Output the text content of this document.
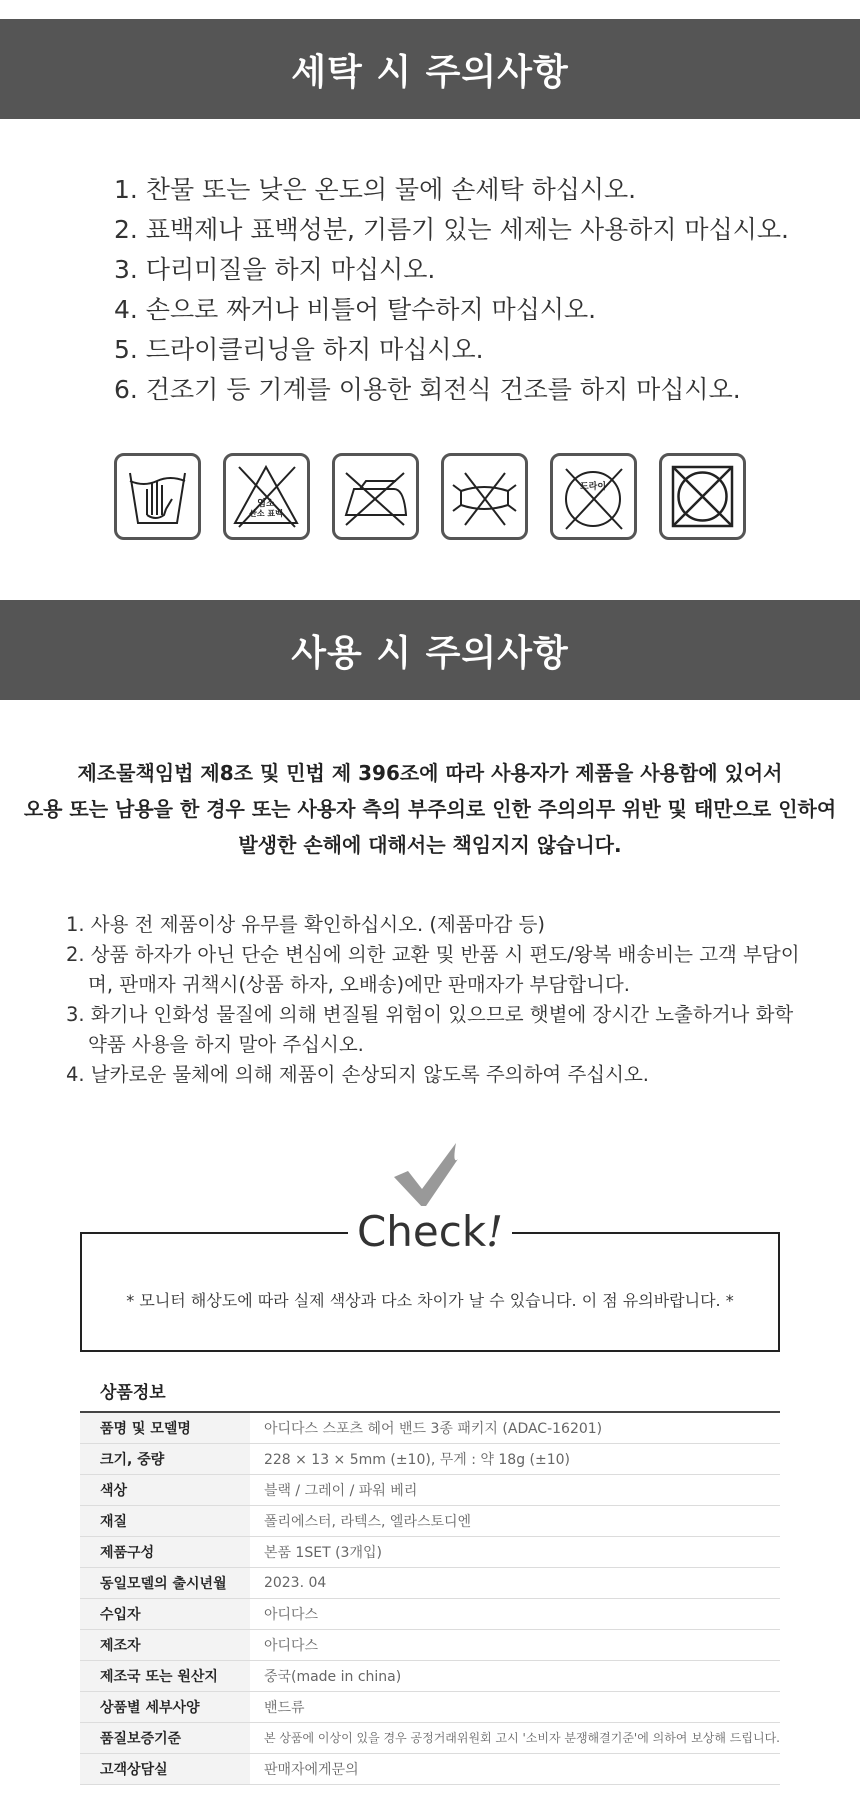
세탁 시 주의사항
1. 찬물 또는 낮은 온도의 물에 손세탁 하십시오.
2. 표백제나 표백성분, 기름기 있는 세제는 사용하지 마십시오.
3. 다리미질을 하지 마십시오.
4. 손으로 짜거나 비틀어 탈수하지 마십시오.
5. 드라이클리닝을 하지 마십시오.
6. 건조기 등 기계를 이용한 회전식 건조를 하지 마십시오.
염소
산소 표백
드라이
사용 시 주의사항

제조물책임법 제8조 및 민법 제 396조에 따라 사용자가 제품을 사용함에 있어서

오용 또는 남용을 한 경우 또는 사용자 측의 부주의로 인한 주의의무 위반 및 태만으로 인하여

발생한 손해에 대해서는 책임지지 않습니다.

1. 사용 전 제품이상 유무를 확인하십시오. (제품마감 등)
2. 상품 하자가 아닌 단순 변심에 의한 교환 및 반품 시 편도/왕복 배송비는 고객 부담이며, 판매자 귀책시(상품 하자, 오배송)에만 판매자가 부담합니다.
3. 화기나 인화성 물질에 의해 변질될 위험이 있으므로 햇볕에 장시간 노출하거나 화학약품 사용을 하지 말아 주십시오.
4. 날카로운 물체에 의해 제품이 손상되지 않도록 주의하여 주십시오.
Check!
* 모니터 해상도에 따라 실제 색상과 다소 차이가 날 수 있습니다. 이 점 유의바랍니다. *
상품정보
품명 및 모델명	아디다스 스포츠 헤어 밴드 3종 패키지 (ADAC-16201)
크기, 중량	228 × 13 × 5mm (±10), 무게 : 약 18g (±10)
색상	블랙 / 그레이 / 파워 베리
재질	폴리에스터, 라텍스, 엘라스토디엔
제품구성	본품 1SET (3개입)
동일모델의 출시년월	2023. 04
수입자	아디다스
제조자	아디다스
제조국 또는 원산지	중국(made in china)
상품별 세부사양	밴드류
품질보증기준	본 상품에 이상이 있을 경우 공정거래위원회 고시 '소비자 분쟁해결기준'에 의하여 보상해 드립니다.
고객상담실	판매자에게문의
